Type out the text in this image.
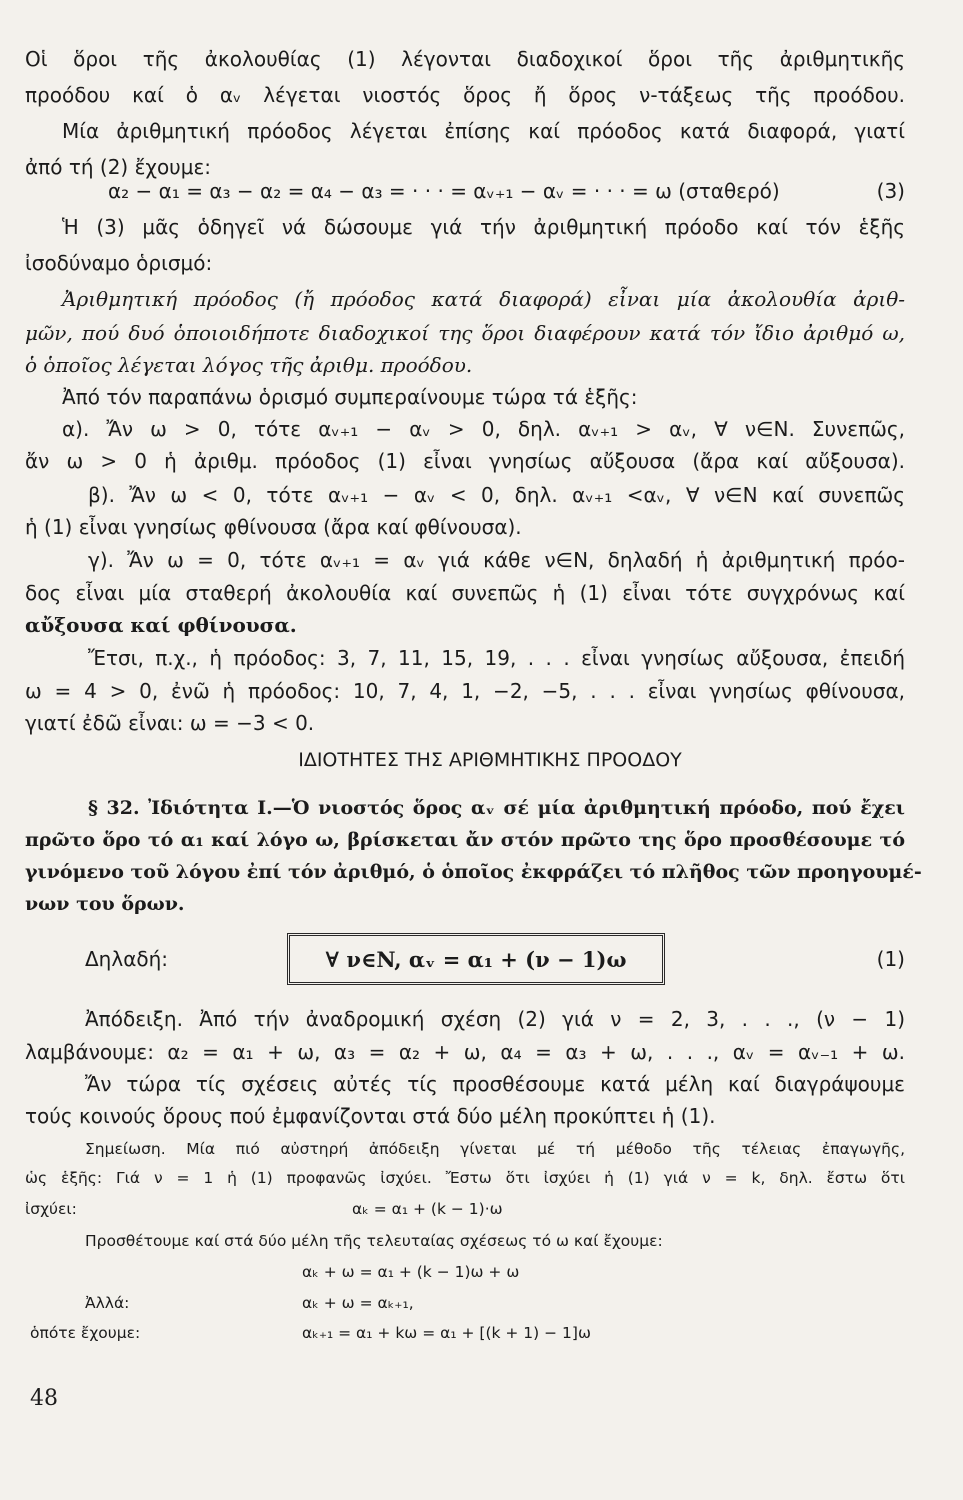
Οἱ ὅροι τῆς ἀκολουθίας (1) λέγονται διαδοχικοί ὅροι τῆς ἀριθμητικῆς
προόδου καί ὁ αᵥ λέγεται νιοστός ὅρος ἤ ὅρος ν-τάξεως τῆς προόδου.
Μία ἀριθμητική πρόοδος λέγεται ἐπίσης καί πρόοδος κατά διαφορά, γιατί
ἀπό τή (2) ἔχουμε:
α₂ − α₁ = α₃ − α₂ = α₄ − α₃ = · · · = αᵥ₊₁ − αᵥ = · · · = ω (σταθερό)	(3)
Ἡ (3) μᾶς ὁδηγεῖ νά δώσουμε γιά τήν ἀριθμητική πρόοδο καί τόν ἑξῆς
ἰσοδύναμο ὁρισμό:
Ἀριθμητική πρόοδος (ἤ πρόοδος κατά διαφορά) εἶναι μία ἀκολουθία ἀριθ-
μῶν, πού δυό ὁποιοιδήποτε διαδοχικοί της ὅροι διαφέρουν κατά τόν ἴδιο ἀριθμό ω,
ὁ ὁποῖος λέγεται λόγος τῆς ἀριθμ. προόδου.
Ἀπό τόν παραπάνω ὁρισμό συμπεραίνουμε τώρα τά ἑξῆς:
α). Ἄν ω > 0, τότε αᵥ₊₁ − αᵥ > 0, δηλ. αᵥ₊₁ > αᵥ, ∀ ν∈N. Συνεπῶς,
ἄν ω > 0 ἡ ἀριθμ. πρόοδος (1) εἶναι γνησίως αὔξουσα (ἄρα καί αὔξουσα).
β). Ἄν ω < 0, τότε αᵥ₊₁ − αᵥ < 0, δηλ. αᵥ₊₁ <αᵥ, ∀ ν∈N καί συνεπῶς
ἡ (1) εἶναι γνησίως φθίνουσα (ἄρα καί φθίνουσα).
γ). Ἄν ω = 0, τότε αᵥ₊₁ = αᵥ γιά κάθε ν∈N, δηλαδή ἡ ἀριθμητική πρόο-
δος εἶναι μία σταθερή ἀκολουθία καί συνεπῶς ἡ (1) εἶναι τότε συγχρόνως καί
αὔξουσα καί φθίνουσα.
Ἔτσι, π.χ., ἡ πρόοδος: 3, 7, 11, 15, 19, . . . εἶναι γνησίως αὔξουσα, ἐπειδή
ω = 4 > 0, ἐνῶ ἡ πρόοδος: 10, 7, 4, 1, −2, −5, . . . εἶναι γνησίως φθίνουσα,
γιατί ἐδῶ εἶναι: ω = −3 < 0.
ΙΔΙΟΤΗΤΕΣ ΤΗΣ ΑΡΙΘΜΗΤΙΚΗΣ ΠΡΟΟΔΟΥ
§ 32. Ἰδιότητα Ι.—Ὁ νιοστός ὅρος αᵥ σέ μία ἀριθμητική πρόοδο, πού ἔχει
πρῶτο ὅρο τό α₁ καί λόγο ω, βρίσκεται ἄν στόν πρῶτο της ὅρο προσθέσουμε τό
γινόμενο τοῦ λόγου ἐπί τόν ἀριθμό, ὁ ὁποῖος ἐκφράζει τό πλῆθος τῶν προηγουμέ-
νων του ὅρων.
Δηλαδή:	∀ ν∈N, αᵥ = α₁ + (ν − 1)ω	(1)
Ἀπόδειξη. Ἀπό τήν ἀναδρομική σχέση (2) γιά ν = 2, 3, . . ., (ν − 1)
λαμβάνουμε: α₂ = α₁ + ω, α₃ = α₂ + ω, α₄ = α₃ + ω, . . ., αᵥ = αᵥ₋₁ + ω.
Ἄν τώρα τίς σχέσεις αὐτές τίς προσθέσουμε κατά μέλη καί διαγράψουμε
τούς κοινούς ὅρους πού ἐμφανίζονται στά δύο μέλη προκύπτει ἡ (1).
Σημείωση. Μία πιό αὐστηρή ἀπόδειξη γίνεται μέ τή μέθοδο τῆς τέλειας ἐπαγωγῆς,
ὡς ἑξῆς: Γιά ν = 1 ἡ (1) προφανῶς ἰσχύει. Ἔστω ὅτι ἰσχύει ἡ (1) γιά ν = k, δηλ. ἔστω ὅτι
ἰσχύει:	αₖ = α₁ + (k − 1)·ω
Προσθέτουμε καί στά δύο μέλη τῆς τελευταίας σχέσεως τό ω καί ἔχουμε:
αₖ + ω = α₁ + (k − 1)ω + ω
Ἀλλά:	αₖ + ω = αₖ₊₁,
ὁπότε ἔχουμε:	αₖ₊₁ = α₁ + kω = α₁ + [(k + 1) − 1]ω
48
